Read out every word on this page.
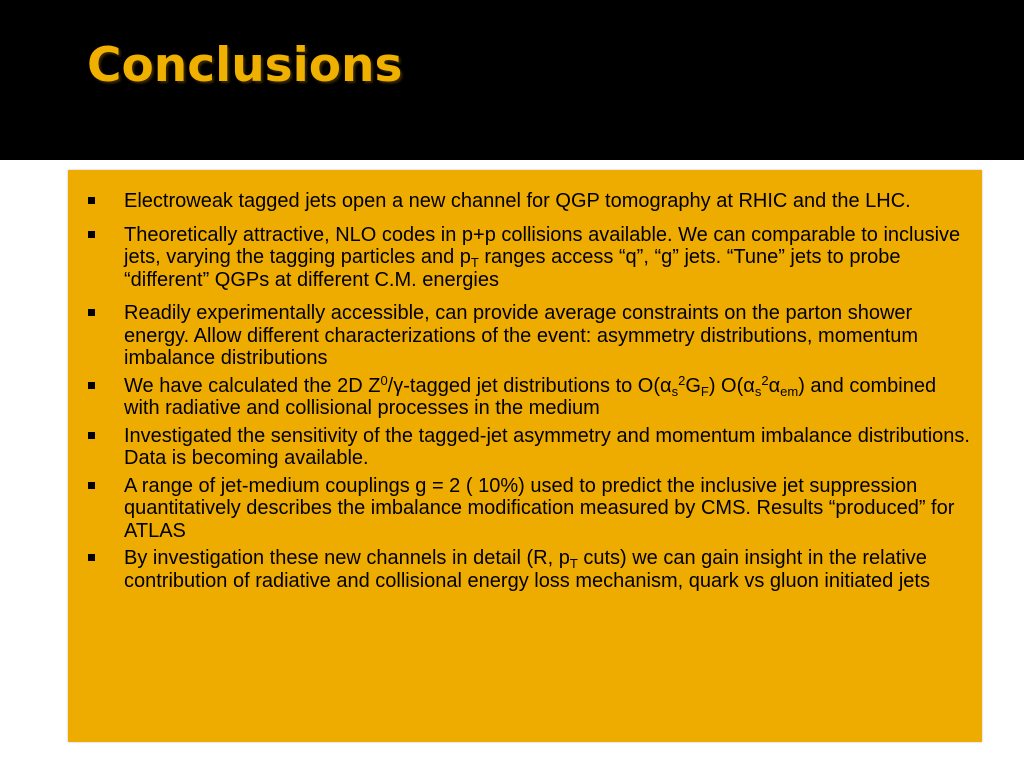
Conclusions
Electroweak tagged jets open a new channel for QGP tomography at RHIC and the LHC.
Theoretically attractive, NLO codes in p+p collisions available. We can comparable to inclusive jets, varying the tagging particles and $p_T$ ranges access “q”, “g” jets. “Tune” jets to probe “different” QGPs at different C.M. energies
Readily experimentally accessible, can provide average constraints on the parton shower energy. Allow different characterizations of the event: asymmetry distributions, momentum imbalance distributions
We have calculated the 2D $Z^0/\gamma$-tagged jet distributions to $O(\alpha_s^2G_F)$ $O(\alpha_s^2\alpha_{em})$ and combined with radiative and collisional processes in the medium
Investigated the sensitivity of the tagged-jet asymmetry and momentum imbalance distributions. Data is becoming available.
A range of jet-medium couplings g = 2 ( 10%) used to predict the inclusive jet suppression quantitatively describes the imbalance modification measured by CMS. Results “produced” for ATLAS
By investigation these new channels in detail (R, $p_T$ cuts) we can gain insight in the relative contribution of radiative and collisional energy loss mechanism, quark vs gluon initiated jets
